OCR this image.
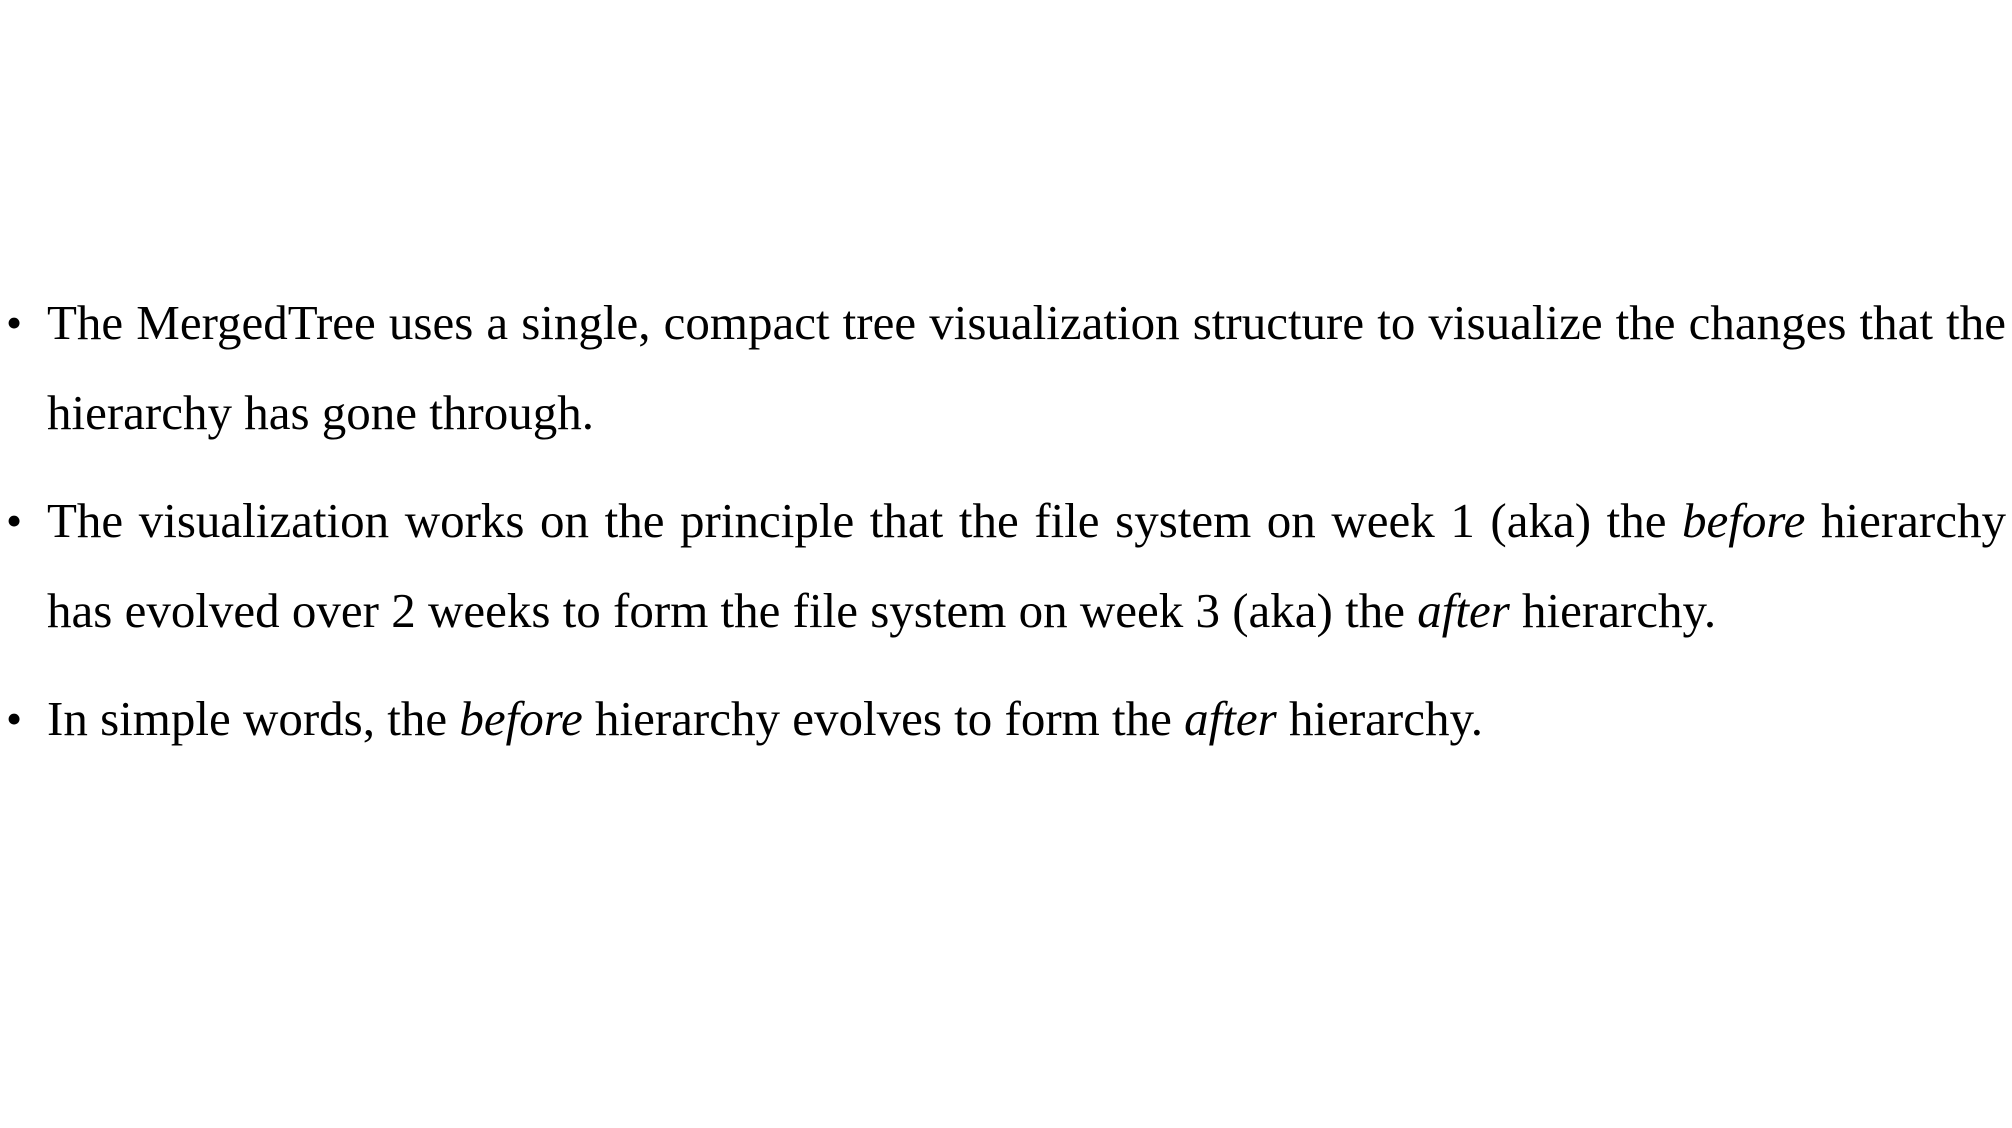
• The MergedTree uses a single, compact tree visualization structure to visualize the changes that the hierarchy has gone through.
• The visualization works on the principle that the file system on week 1 (aka) the before hierarchy has evolved over 2 weeks to form the file system on week 3 (aka) the after hierarchy.
• In simple words, the before hierarchy evolves to form the after hierarchy.
